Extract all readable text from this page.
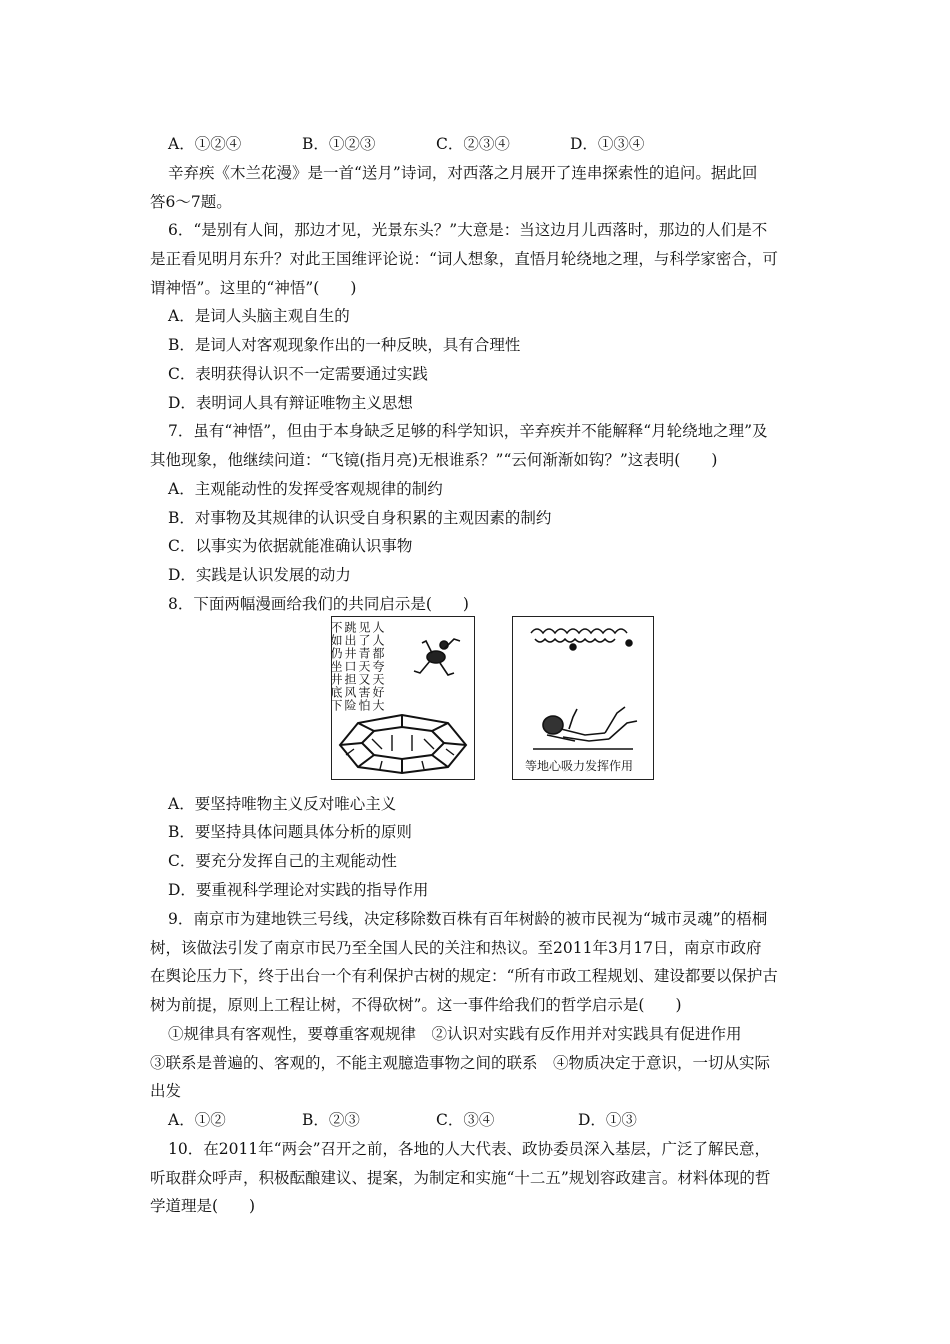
A．①②④	B．①②③	C．②③④	D．①③④
辛弃疾《木兰花漫》是一首“送月”诗词，对西落之月展开了连串探索性的追问。据此回
答6～7题。
6．“是别有人间，那边才见，光景东头？”大意是：当这边月儿西落时，那边的人们是不
是正看见明月东升？对此王国维评论说：“词人想象，直悟月轮绕地之理，与科学家密合，可
谓神悟”。这里的“神悟”(　　)
A．是词人头脑主观自生的
B．是词人对客观现象作出的一种反映，具有合理性
C．表明获得认识不一定需要通过实践
D．表明词人具有辩证唯物主义思想
7．虽有“神悟”，但由于本身缺乏足够的科学知识，辛弃疾并不能解释“月轮绕地之理”及
其他现象，他继续问道：“飞镜(指月亮)无根谁系？”“云何渐渐如钩？”这表明(　　)
A．主观能动性的发挥受客观规律的制约
B．对事物及其规律的认识受自身积累的主观因素的制约
C．以事实为依据就能准确认识事物
D．实践是认识发展的动力
8．下面两幅漫画给我们的共同启示是(　　)
人人都夸天好大
见了青天又害怕
跳出井口担风险
不如仍坐井底下
等地心吸力发挥作用
A．要坚持唯物主义反对唯心主义
B．要坚持具体问题具体分析的原则
C．要充分发挥自己的主观能动性
D．要重视科学理论对实践的指导作用
9．南京市为建地铁三号线，决定移除数百株有百年树龄的被市民视为“城市灵魂”的梧桐
树，该做法引发了南京市民乃至全国人民的关注和热议。至2011年3月17日，南京市政府
在舆论压力下，终于出台一个有利保护古树的规定：“所有市政工程规划、建设都要以保护古
树为前提，原则上工程让树，不得砍树”。这一事件给我们的哲学启示是(　　)
①规律具有客观性，要尊重客观规律　②认识对实践有反作用并对实践具有促进作用
③联系是普遍的、客观的，不能主观臆造事物之间的联系　④物质决定于意识，一切从实际
出发
A．①②	B．②③	C．③④	D．①③
10．在2011年“两会”召开之前，各地的人大代表、政协委员深入基层，广泛了解民意，
听取群众呼声，积极酝酿建议、提案，为制定和实施“十二五”规划容政建言。材料体现的哲
学道理是(　　)
